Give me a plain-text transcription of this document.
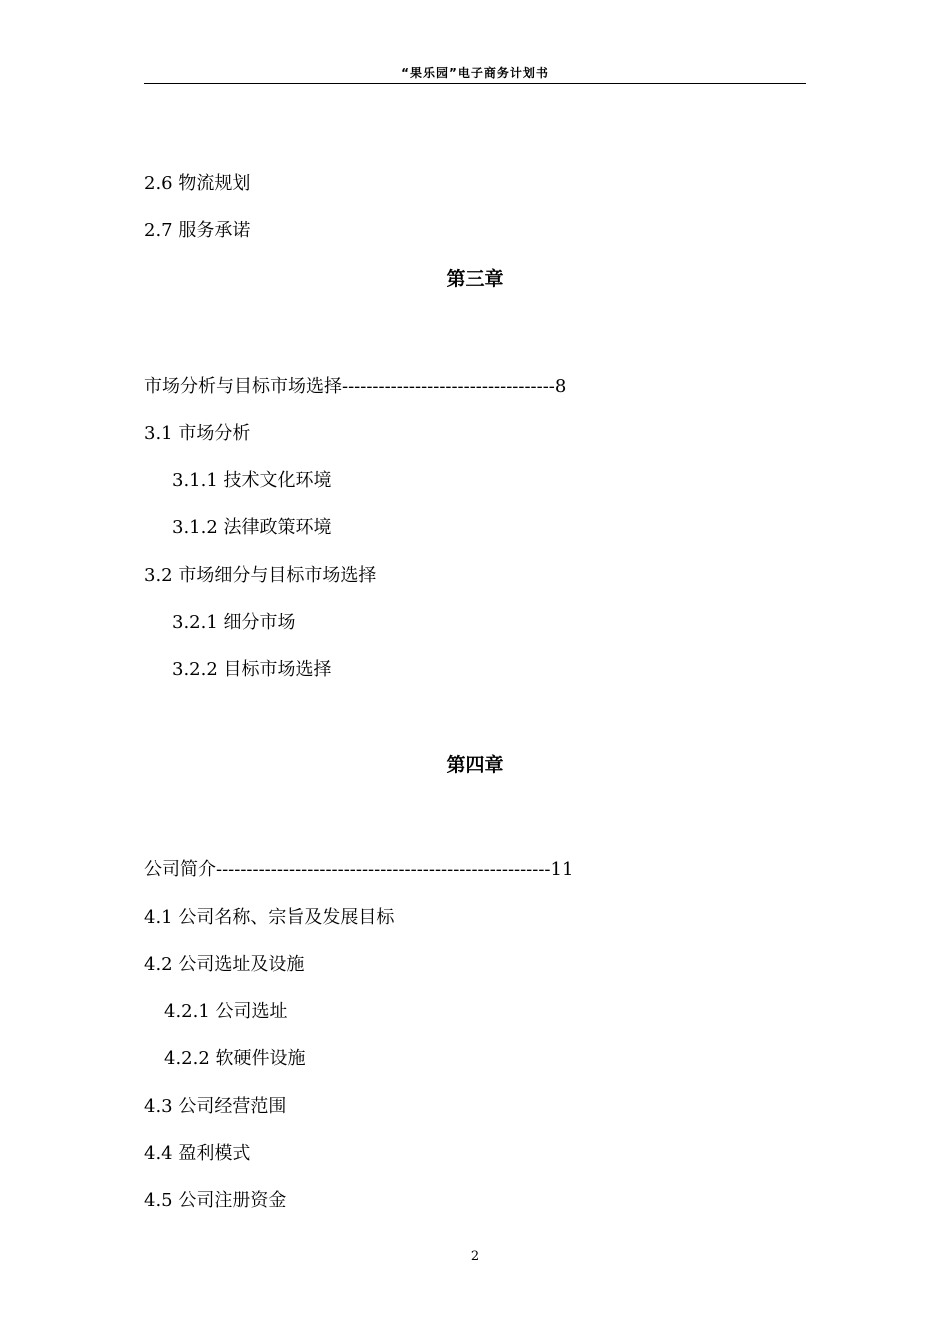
“果乐园”电子商务计划书
2.6 物流规划
2.7 服务承诺
第三章
市场分析与目标市场选择-----------------------------------8
3.1 市场分析
3.1.1 技术文化环境
3.1.2 法律政策环境
3.2 市场细分与目标市场选择
3.2.1 细分市场
3.2.2 目标市场选择
第四章
公司简介-------------------------------------------------------11
4.1 公司名称、宗旨及发展目标
4.2 公司选址及设施
4.2.1 公司选址
4.2.2 软硬件设施
4.3 公司经营范围
4.4 盈利模式
4.5 公司注册资金
2
